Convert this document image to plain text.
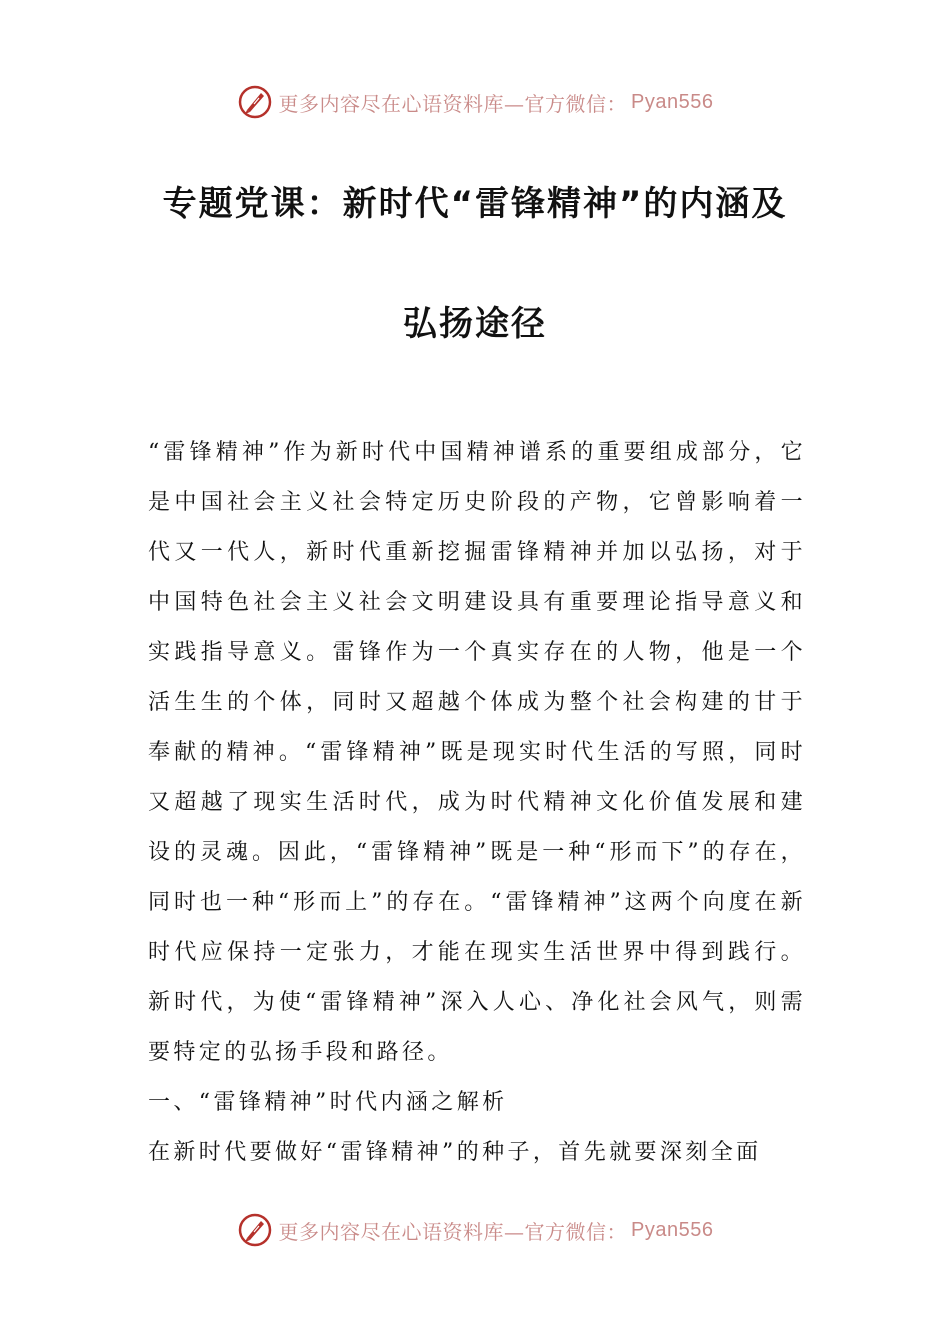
更多内容尽在心语资料库—官方微信： Pyan556
专题党课：新时代“雷锋精神”的内涵及
弘扬途径

“雷锋精神”作为新时代中国精神谱系的重要组成部分，它是中国社会主义社会特定历史阶段的产物，它曾影响着一代又一代人，新时代重新挖掘雷锋精神并加以弘扬，对于中国特色社会主义社会文明建设具有重要理论指导意义和实践指导意义。雷锋作为一个真实存在的人物，他是一个活生生的个体，同时又超越个体成为整个社会构建的甘于奉献的精神。“雷锋精神”既是现实时代生活的写照，同时又超越了现实生活时代，成为时代精神文化价值发展和建设的灵魂。因此，“雷锋精神”既是一种“形而下”的存在，同时也一种“形而上”的存在。“雷锋精神”这两个向度在新时代应保持一定张力，才能在现实生活世界中得到践行。新时代，为使“雷锋精神”深入人心、净化社会风气，则需要特定的弘扬手段和路径。

一、“雷锋精神”时代内涵之解析

在新时代要做好“雷锋精神”的种子，首先就要深刻全面

更多内容尽在心语资料库—官方微信： Pyan556
